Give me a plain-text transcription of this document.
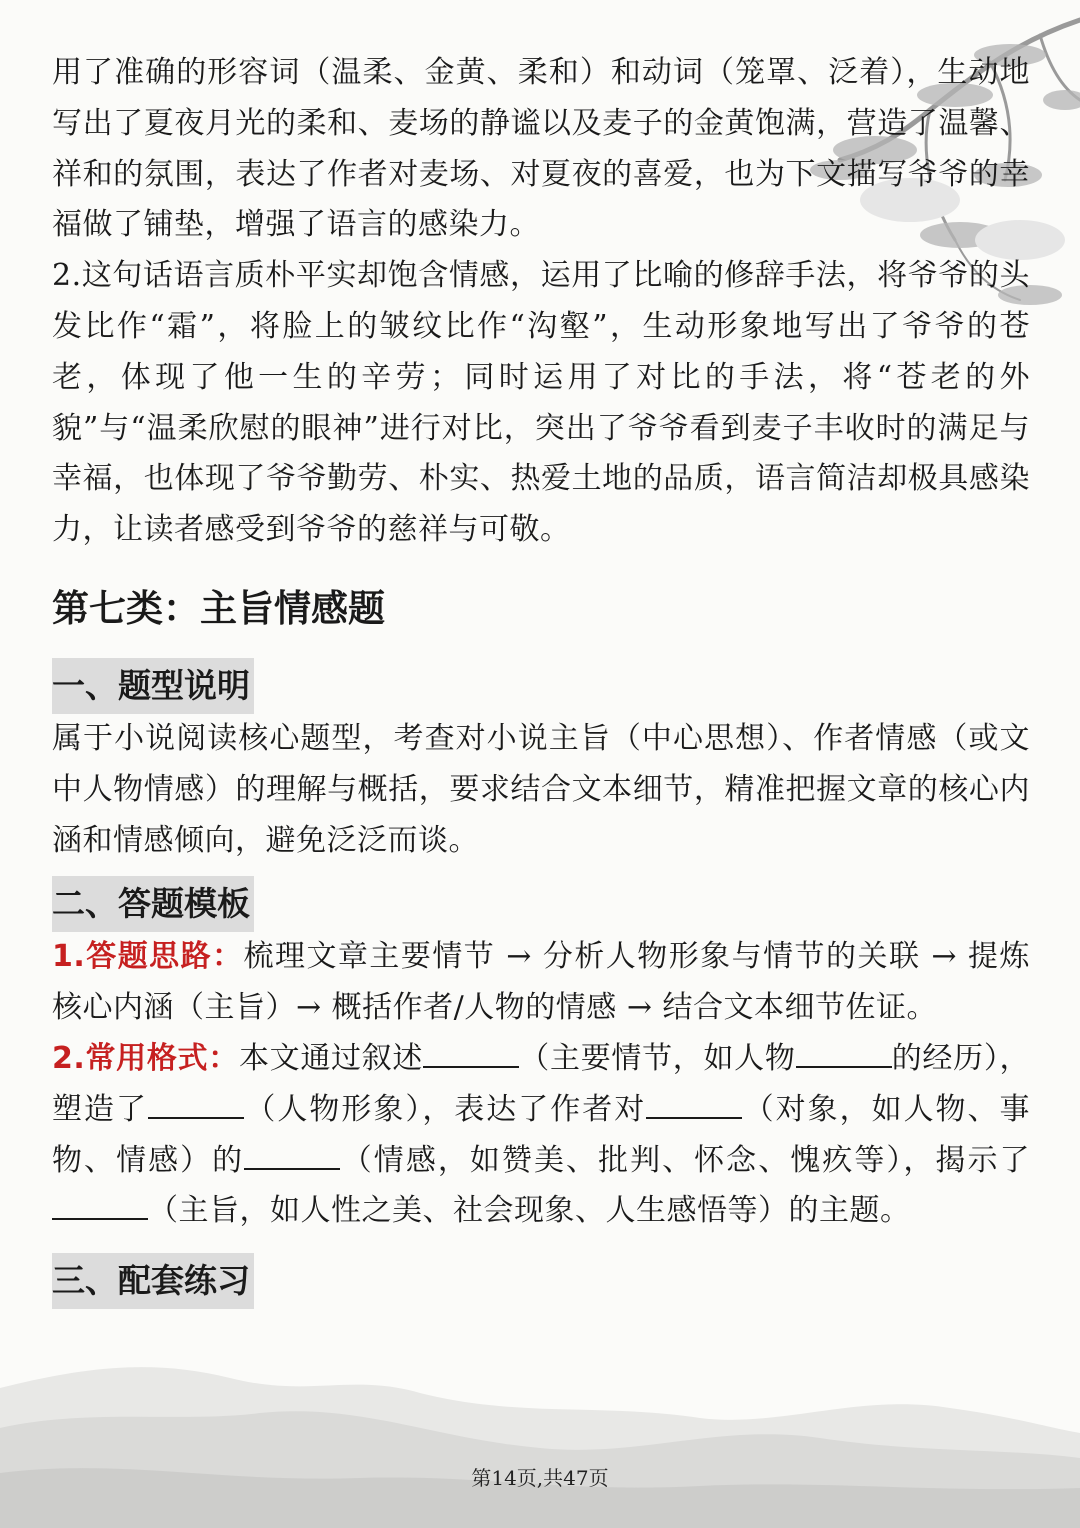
用了准确的形容词（温柔、金黄、柔和）和动词（笼罩、泛着），生动地写出了夏夜月光的柔和、麦场的静谧以及麦子的金黄饱满，营造了温馨、祥和的氛围，表达了作者对麦场、对夏夜的喜爱，也为下文描写爷爷的幸福做了铺垫，增强了语言的感染力。

2.这句话语言质朴平实却饱含情感，运用了比喻的修辞手法，将爷爷的头发比作“霜”，将脸上的皱纹比作“沟壑”，生动形象地写出了爷爷的苍老，体现了他一生的辛劳；同时运用了对比的手法，将“苍老的外貌”与“温柔欣慰的眼神”进行对比，突出了爷爷看到麦子丰收时的满足与幸福，也体现了爷爷勤劳、朴实、热爱土地的品质，语言简洁却极具感染力，让读者感受到爷爷的慈祥与可敬。

第七类：主旨情感题
一、题型说明

属于小说阅读核心题型，考查对小说主旨（中心思想）、作者情感（或文中人物情感）的理解与概括，要求结合文本细节，精准把握文章的核心内涵和情感倾向，避免泛泛而谈。

二、答题模板

1.答题思路：梳理文章主要情节 → 分析人物形象与情节的关联 → 提炼核心内涵（主旨）→ 概括作者/人物的情感 → 结合文本细节佐证。

2.常用格式：本文通过叙述	（主要情节，如人物	的经历），塑造了	（人物形象），表达了作者对	（对象，如人物、事物、情感）的	（情感，如赞美、批判、怀念、愧疚等），揭示了（主旨，如人性之美、社会现象、人生感悟等）的主题。

三、配套练习
第14页,共47页
